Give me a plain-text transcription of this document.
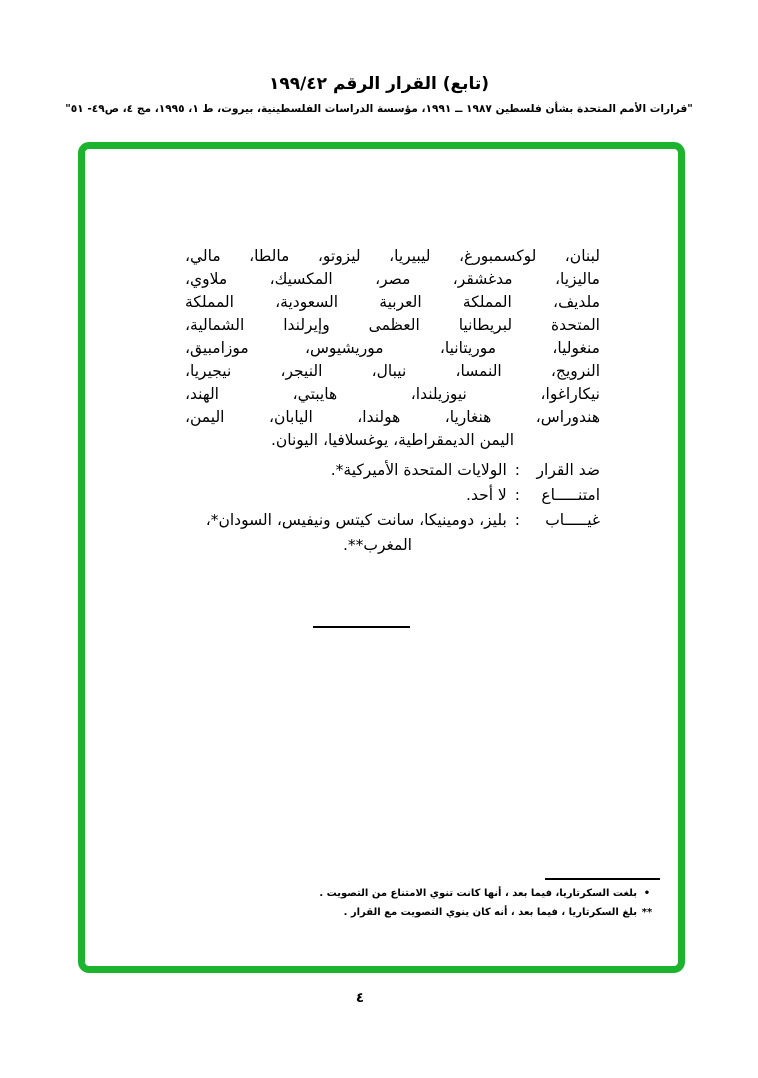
(تابع) القرار الرقم ١٩٩/٤٢
"قرارات الأمم المتحدة بشأن فلسطين ١٩٨٧ ــ ١٩٩١، مؤسسة الدراسات الفلسطينية، بيروت، ط ١، ١٩٩٥، مج ٤، ص٤٩- ٥١"
لبنان، لوكسمبورغ، ليبيريا، ليزوتو، مالطا، مالي،
ماليزيا، مدغشقر، مصر، المكسيك، ملاوي،
ملديف، المملكة العربية السعودية، المملكة
المتحدة لبريطانيا العظمى وإيرلندا الشمالية،
منغوليا، موريتانيا، موريشيوس، موزامبيق،
النرويج، النمسا، نيبال، النيجر، نيجيريا،
نيكاراغوا، نيوزيلندا، هايبتي، الهند،
هندوراس، هنغاريا، هولندا، اليابان، اليمن،
اليمن الديمقراطية، يوغسلافيا، اليونان.
ضد القرار
:
الولايات المتحدة الأميركية*.
امتنـــــاع
:
لا أحد.
غيـــــاب
:
بليز، دومينيكا، سانت كيتس ونيفيس، السودان*،
المغرب**.
•
بلغت السكرتاريا، فيما بعد ، أنها كانت تنوي الامتناع من التصويت .
**
بلغ السكرتاريا ، فيما بعد ، أنه كان ينوي التصويت مع القرار .
٤
